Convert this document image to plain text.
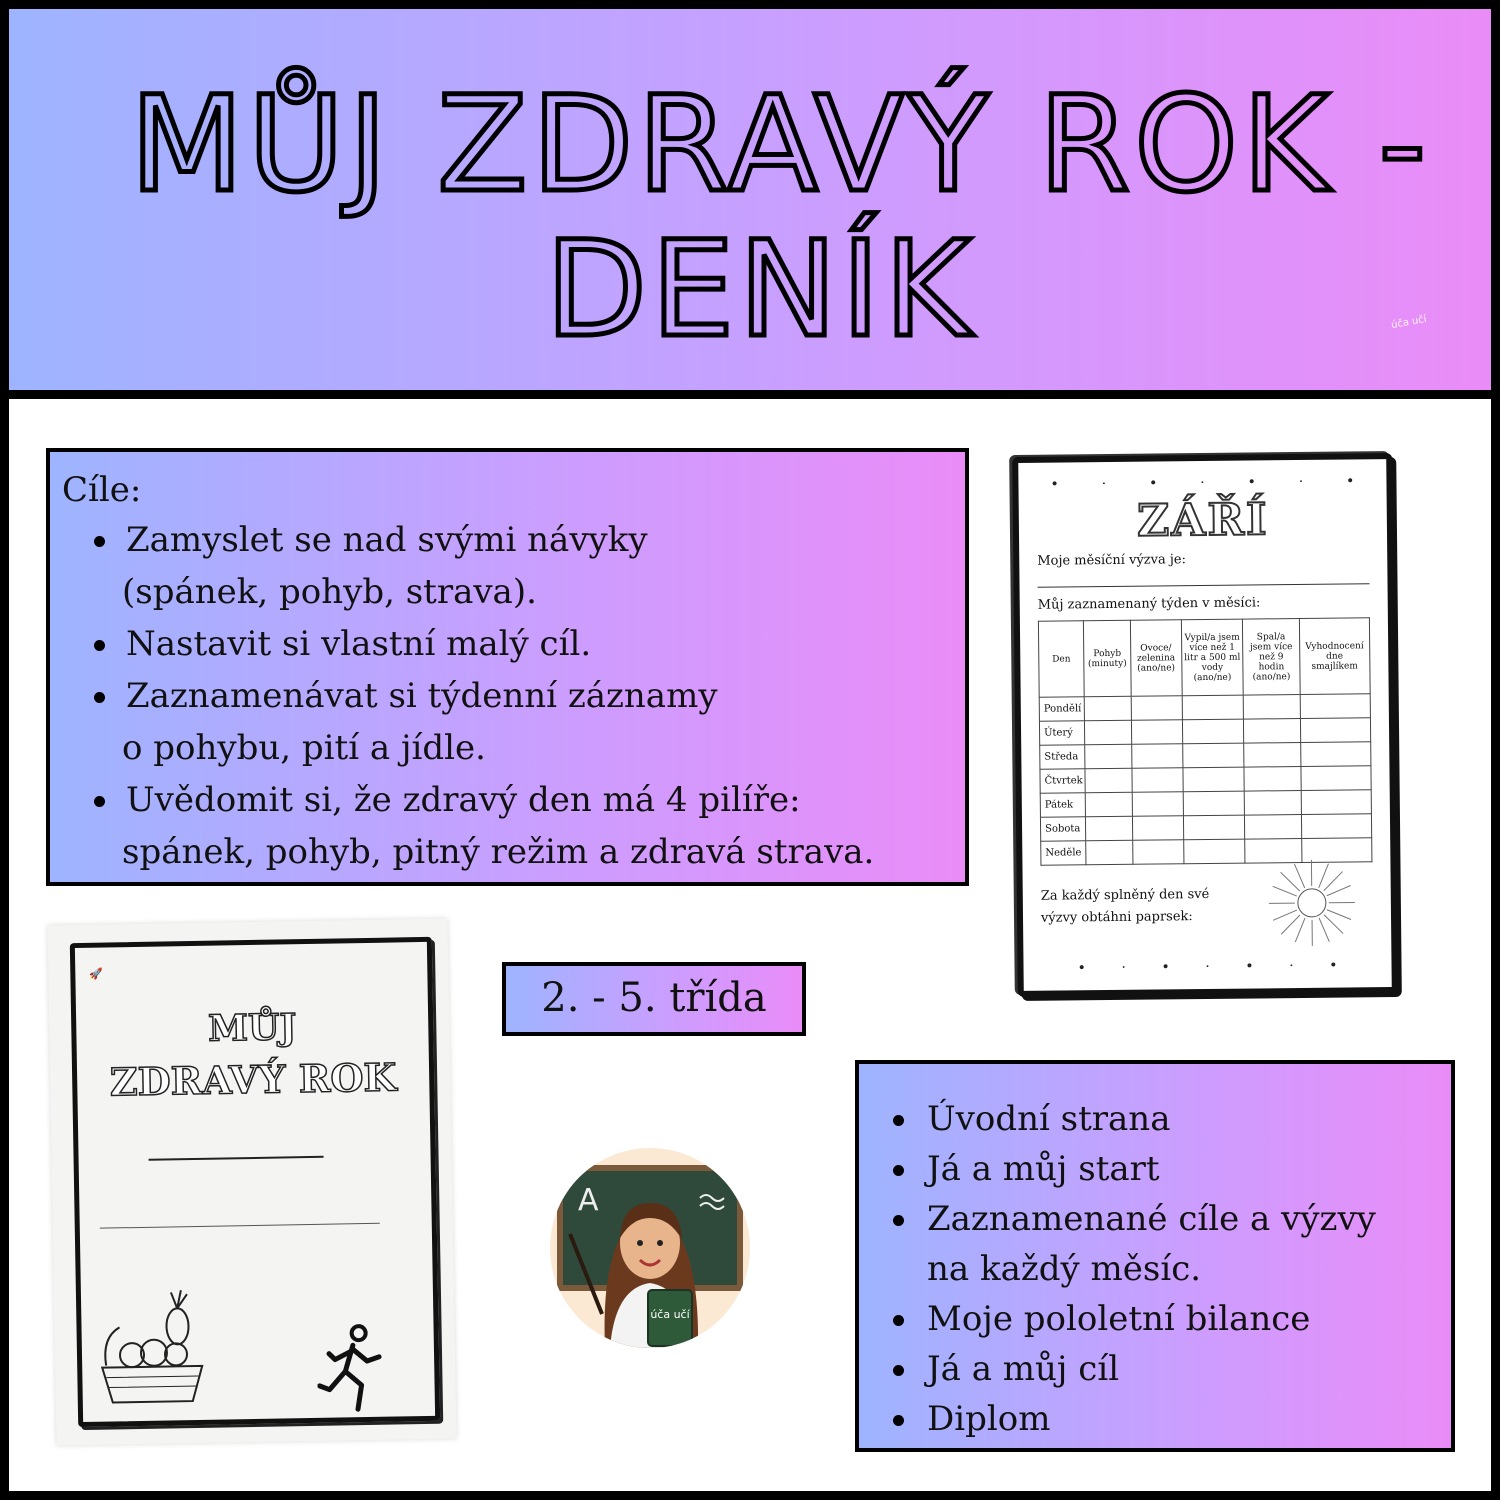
MŮJ ZDRAVÝ ROK -
DENÍK	úča učí
Cíle:
Zamyslet se nad svými návyky
(spánek, pohyb, strava).
Nastavit si vlastní malý cíl.
Zaznamenávat si týdenní záznamy
o pohybu, pití a jídle.
Uvědomit si, že zdravý den má 4 pilíře:
spánek, pohyb, pitný režim a zdravá strava.
•	·	•	·	•	·	•
ZÁŘÍ
Moje měsíční výzva je:
Můj zaznamenaný týden v měsíci:
Den	Pohyb (minuty)	Ovoce/ zelenina (ano/ne)	Vypil/a jsem více než 1 litr a 500 ml vody (ano/ne)	Spal/a jsem více než 9 hodin (ano/ne)	Vyhodnocení dne smajlíkem
Pondělí					
Úterý					
Středa					
Čtvrtek					
Pátek					
Sobota					
Neděle					
Za každý splněný den své výzvy obtáhni paprsek:
•	·	•	·	•	·	•
2. - 5. třída
🚀
MŮJ
ZDRAVÝ ROK
A
úča učí
Úvodní strana
Já a můj start
Zaznamenané cíle a výzvy
na každý měsíc.
Moje pololetní bilance
Já a můj cíl
Diplom
